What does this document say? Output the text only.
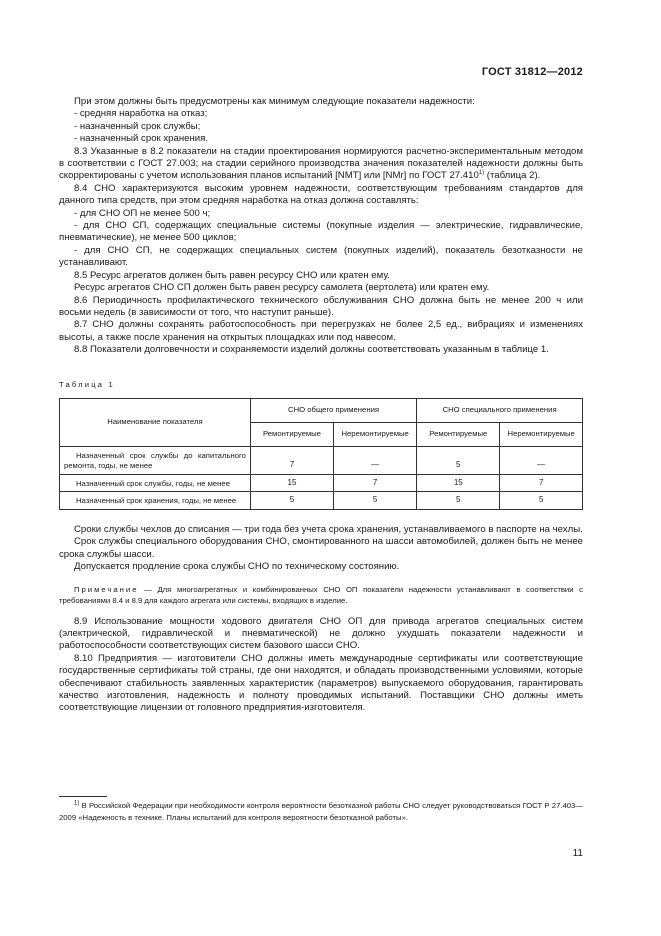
ГОСТ 31812—2012

При этом должны быть предусмотрены как минимум следующие показатели надежности:

- средняя наработка на отказ;

- назначенный срок службы;

- назначенный срок хранения.

8.3 Указанные в 8.2 показатели на стадии проектирования нормируются расчетно-экспериментальным методом в соответствии с ГОСТ 27.003; на стадии серийного производства значения показателей надежности должны быть скорректированы с учетом использования планов испытаний [NMT] или [NMr] по ГОСТ 27.410$^{1)}$ (таблица 2).

8.4 СНО характеризуются высоким уровнем надежности, соответствующим требованиям стандартов для данного типа средств, при этом средняя наработка на отказ должна составлять:

- для СНО ОП не менее 500 ч;

- для СНО СП, содержащих специальные системы (покупные изделия — электрические, гидравлические, пневматические), не менее 500 циклов;

- для СНО СП, не содержащих специальных систем (покупных изделий), показатель безотказности не устанавливают.

8.5 Ресурс агрегатов должен быть равен ресурсу СНО или кратен ему.

Ресурс агрегатов СНО СП должен быть равен ресурсу самолета (вертолета) или кратен ему.

8.6 Периодичность профилактического технического обслуживания СНО должна быть не менее 200 ч или восьми недель (в зависимости от того, что наступит раньше).

8.7 СНО должны сохранять работоспособность при перегрузках не более 2,5 ед., вибрациях и изменениях высоты, а также после хранения на открытых площадках или под навесом.

8.8 Показатели долговечности и сохраняемости изделий должны соответствовать указанным в таблице 1.

Таблица 1

Наименование показателя	СНО общего применения		СНО специального применения	
	Ремонтируемые	Неремонтируемые	Ремонтируемые	Неремонтируемые
Назначенный срок службы до капитального ремонта, годы, не менее	7	—	5	—
Назначенный срок службы, годы, не менее	15	7	15	7
Назначенный срок хранения, годы, не менее	5	5	5	5

Сроки службы чехлов до списания — три года без учета срока хранения, устанавливаемого в паспорте на чехлы.

Срок службы специального оборудования СНО, смонтированного на шасси автомобилей, должен быть не менее срока службы шасси.

Допускается продление срока службы СНО по техническому состоянию.

Примечание — Для многоагрегатных и комбинированных СНО ОП показатели надежности устанавливают в соответствии с требованиями 8.4 и 8.9 для каждого агрегата или системы, входящих в изделие.

8.9 Использование мощности ходового двигателя СНО ОП для привода агрегатов специальных систем (электрической, гидравлической и пневматической) не должно ухудшать показатели надежности и работоспособности соответствующих систем базового шасси СНО.

8.10 Предприятия — изготовители СНО должны иметь международные сертификаты или соответствующие государственные сертификаты той страны, где они находятся, и обладать производственными условиями, которые обеспечивают стабильность заявленных характеристик (параметров) выпускаемого оборудования, гарантировать качество изготовления, надежность и полноту проводимых испытаний. Поставщики СНО должны иметь соответствующие лицензии от головного предприятия-изготовителя.

$^{1)}$ В Российской Федерации при необходимости контроля вероятности безотказной работы СНО следует руководствоваться ГОСТ Р 27.403—2009 «Надежность в технике. Планы испытаний для контроля вероятности безотказной работы».
11
